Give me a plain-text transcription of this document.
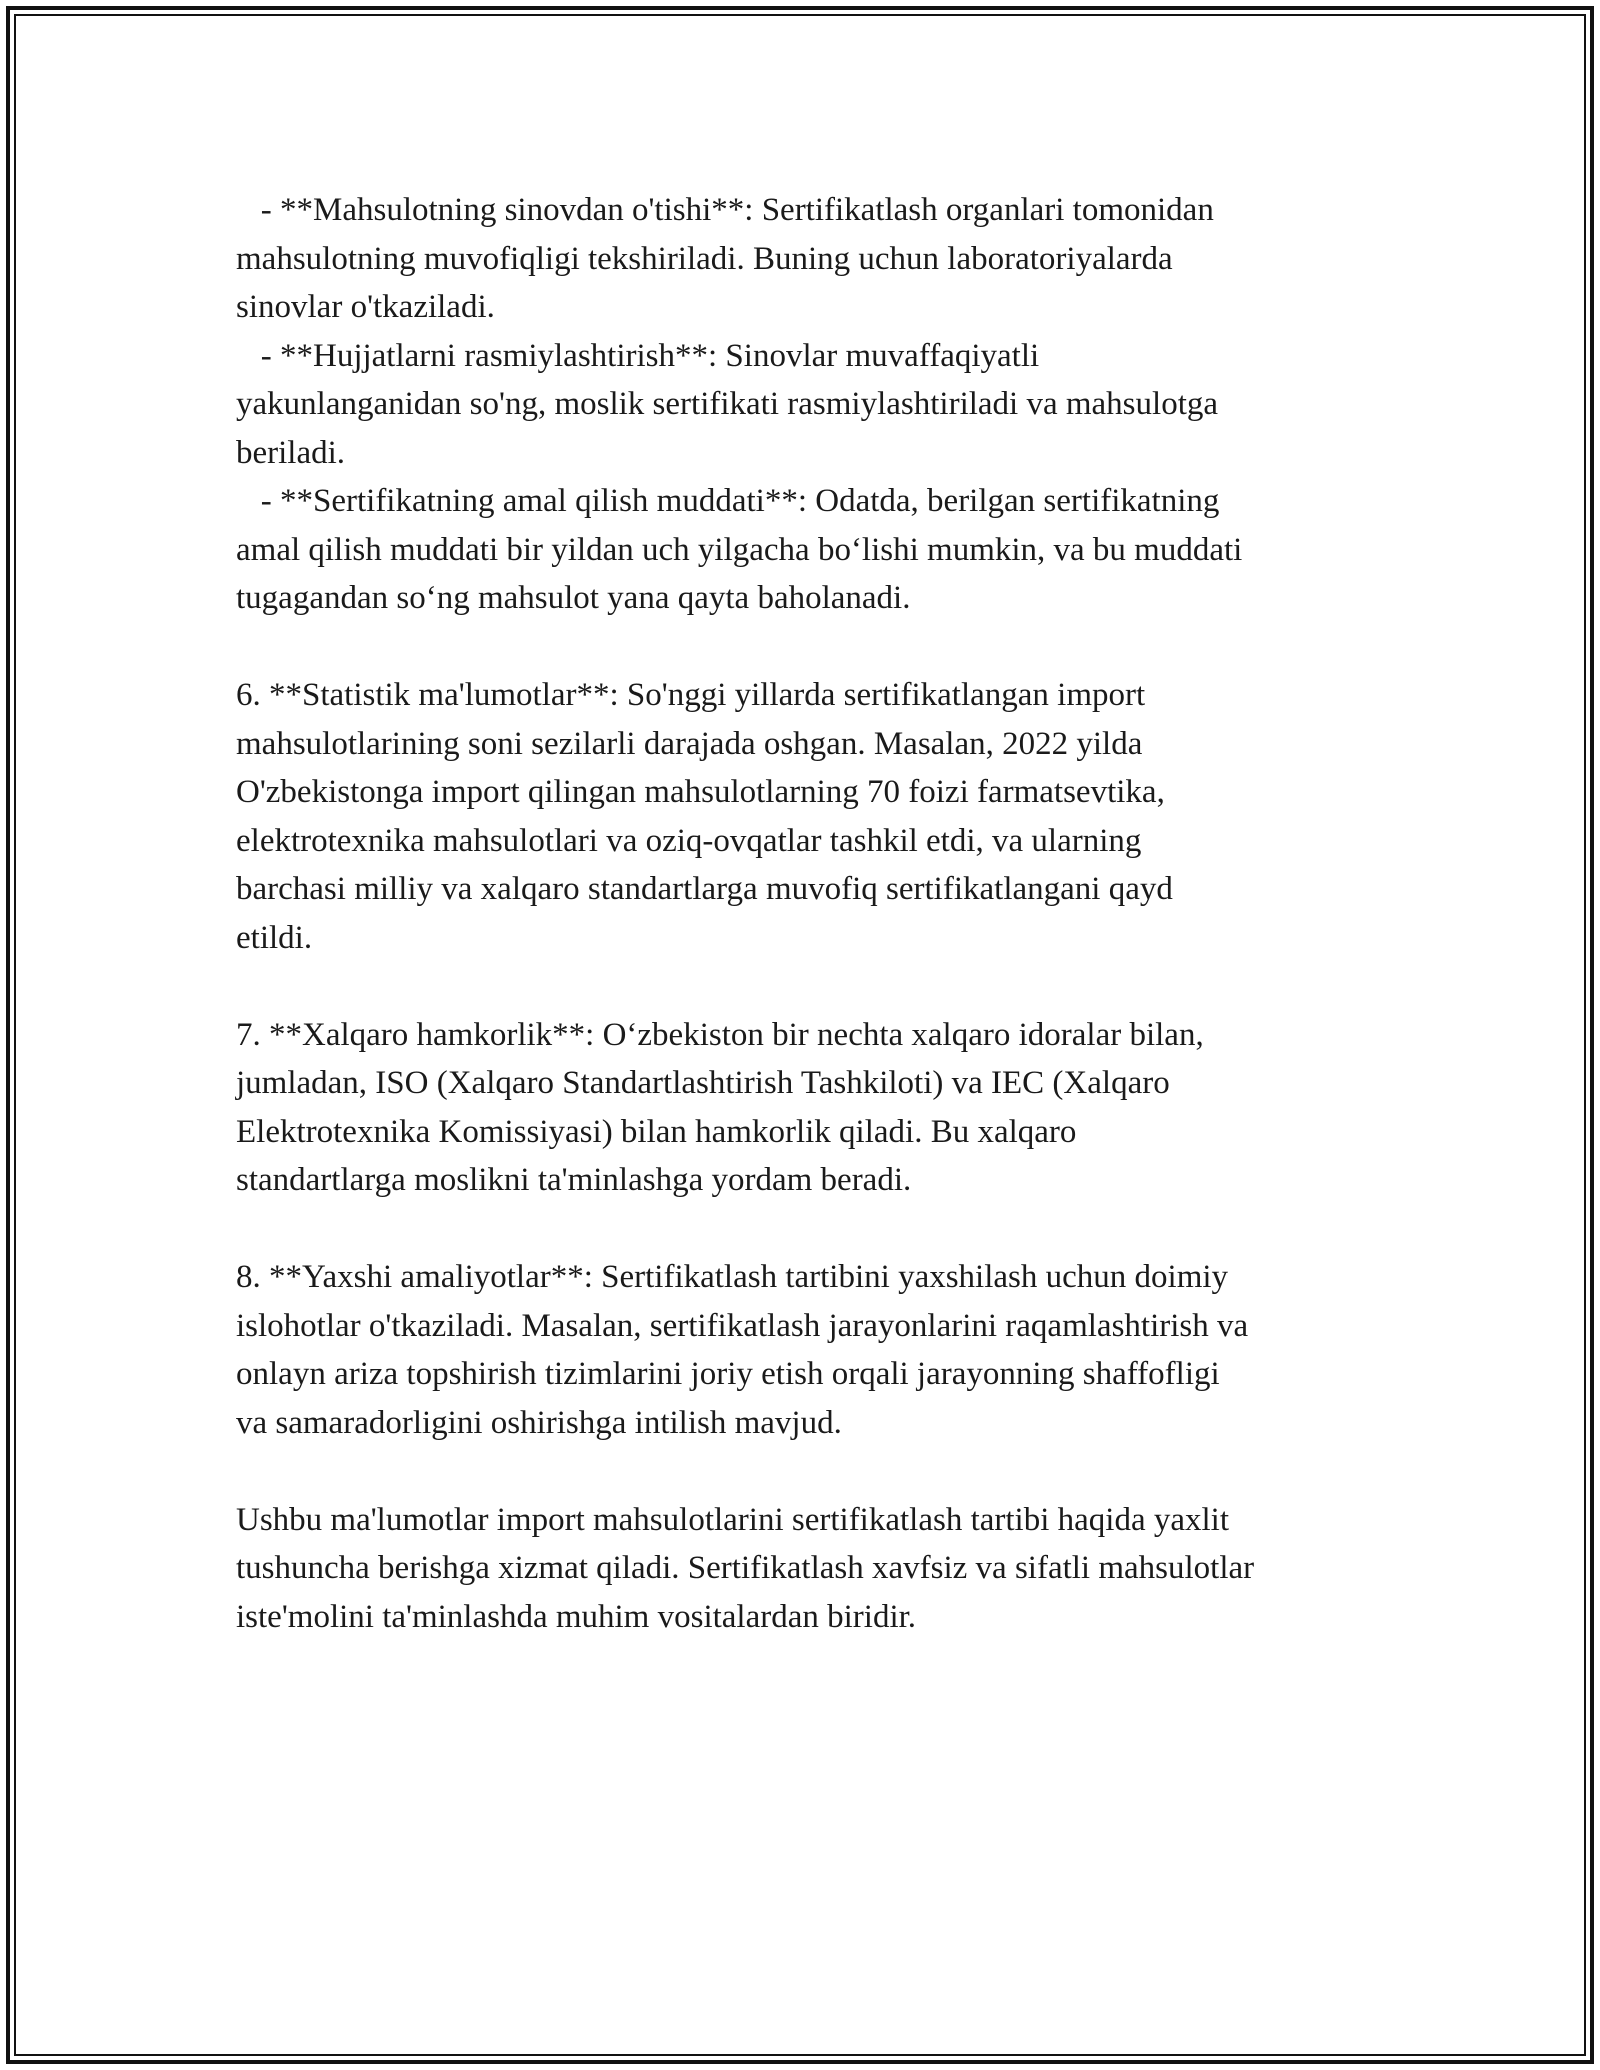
- **Mahsulotning sinovdan o'tishi**: Sertifikatlash organlari tomonidan

mahsulotning muvofiqligi tekshiriladi. Buning uchun laboratoriyalarda

sinovlar o'tkaziladi.

- **Hujjatlarni rasmiylashtirish**: Sinovlar muvaffaqiyatli

yakunlanganidan so'ng, moslik sertifikati rasmiylashtiriladi va mahsulotga

beriladi.

- **Sertifikatning amal qilish muddati**: Odatda, berilgan sertifikatning

amal qilish muddati bir yildan uch yilgacha bo‘lishi mumkin, va bu muddati

tugagandan so‘ng mahsulot yana qayta baholanadi.

6. **Statistik ma'lumotlar**: So'nggi yillarda sertifikatlangan import

mahsulotlarining soni sezilarli darajada oshgan. Masalan, 2022 yilda

O'zbekistonga import qilingan mahsulotlarning 70 foizi farmatsevtika,

elektrotexnika mahsulotlari va oziq-ovqatlar tashkil etdi, va ularning

barchasi milliy va xalqaro standartlarga muvofiq sertifikatlangani qayd

etildi.

7. **Xalqaro hamkorlik**: O‘zbekiston bir nechta xalqaro idoralar bilan,

jumladan, ISO (Xalqaro Standartlashtirish Tashkiloti) va IEC (Xalqaro

Elektrotexnika Komissiyasi) bilan hamkorlik qiladi. Bu xalqaro

standartlarga moslikni ta'minlashga yordam beradi.

8. **Yaxshi amaliyotlar**: Sertifikatlash tartibini yaxshilash uchun doimiy

islohotlar o'tkaziladi. Masalan, sertifikatlash jarayonlarini raqamlashtirish va

onlayn ariza topshirish tizimlarini joriy etish orqali jarayonning shaffofligi

va samaradorligini oshirishga intilish mavjud.

Ushbu ma'lumotlar import mahsulotlarini sertifikatlash tartibi haqida yaxlit

tushuncha berishga xizmat qiladi. Sertifikatlash xavfsiz va sifatli mahsulotlar

iste'molini ta'minlashda muhim vositalardan biridir.
